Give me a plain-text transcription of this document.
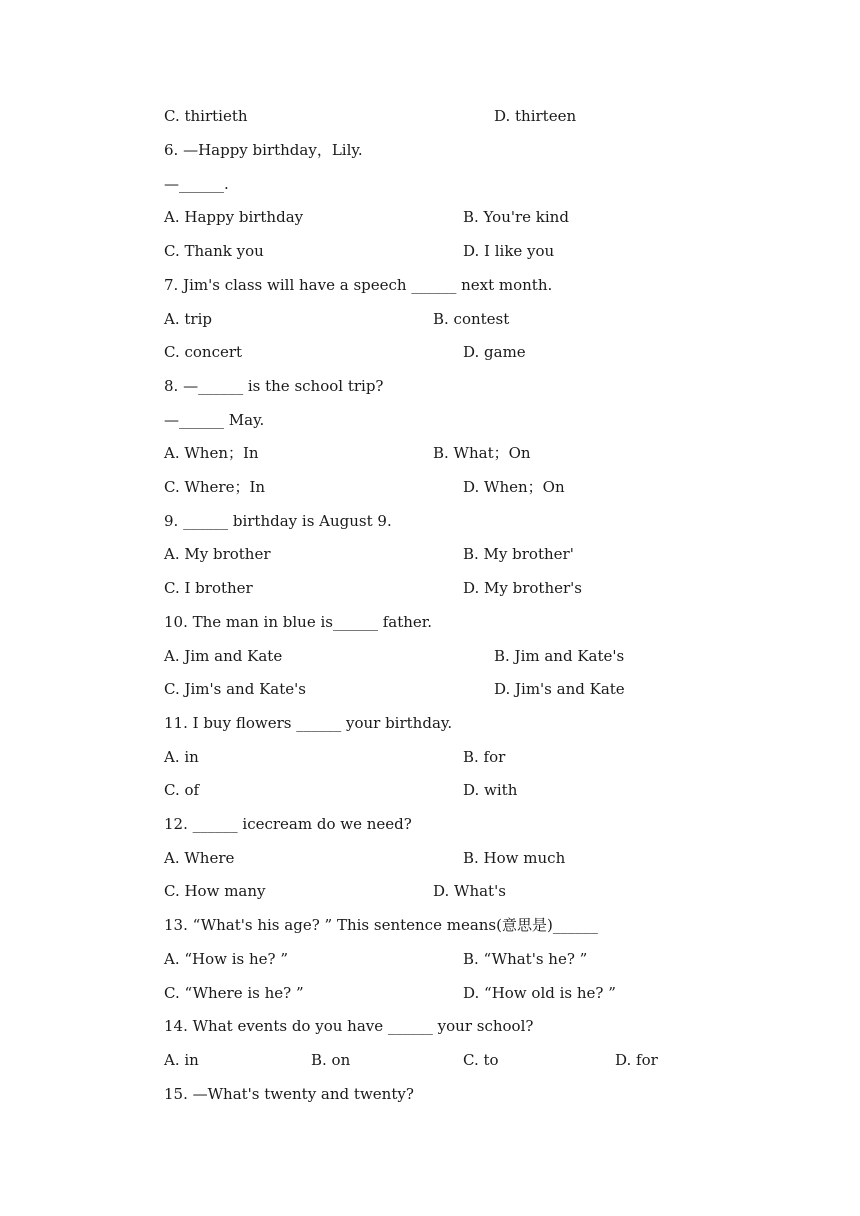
C. thirtieth

	D. thirteen

6. —Happy birthday，Lily.

—______.

A. Happy birthday

	B. You're kind

C. Thank you

	D. I like you

7. Jim's class will have a speech ______ next month.

A. trip

	B. contest

C. concert

	D. game

8. —______ is the school trip?

—______ May.

A. When；In

	B. What；On

C. Where；In

	D. When；On

9. ______ birthday is August 9.

A. My brother

	B. My brother'

C. I brother

	D. My brother's

10. The man in blue is______ father.

A. Jim and Kate

	B. Jim and Kate's

C. Jim's and Kate's

	D. Jim's and Kate

11. I buy flowers ______ your birthday.

A. in

	B. for

C. of

	D. with

12. ______ icecream do we need?

A. Where

	B. How much

C. How many

	D. What's

13. “What's his age? ” This sentence means(意思是)______

A. “How is he? ”

	B. “What's he? ”

C. “Where is he? ”

	D. “How old is he? ”

14. What events do you have ______ your school?

A. in

	B. on

	C. to

	D. for

15. —What's twenty and twenty?
